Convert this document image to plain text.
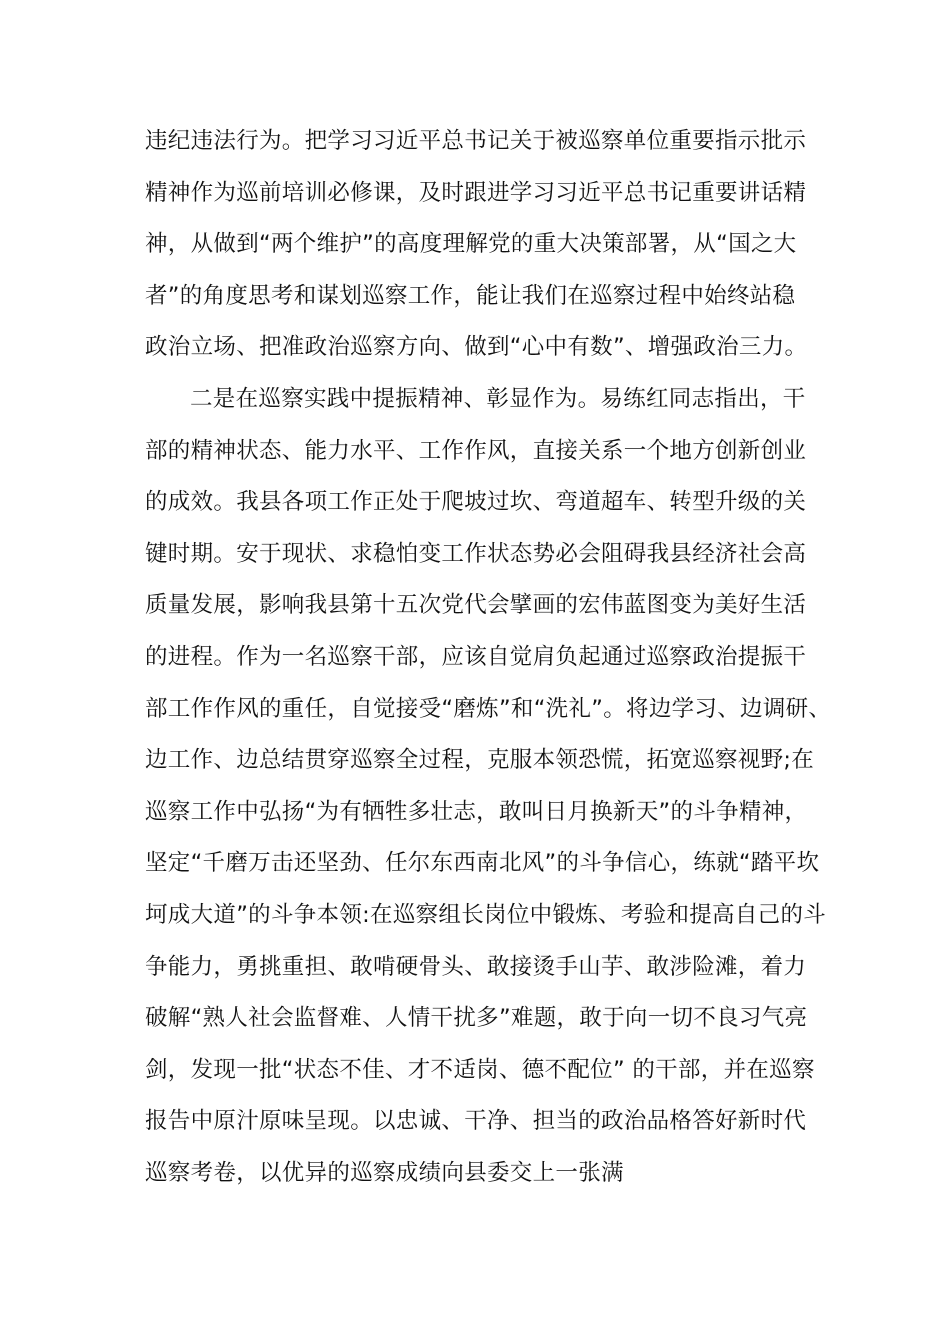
违纪违法行为。把学习习近平总书记关于被巡察单位重要指示批示
精神作为巡前培训必修课，及时跟进学习习近平总书记重要讲话精
神，从做到“两个维护”的高度理解党的重大决策部署，从“国之大
者”的角度思考和谋划巡察工作，能让我们在巡察过程中始终站稳
政治立场、把准政治巡察方向、做到“心中有数”、增强政治三力。
二是在巡察实践中提振精神、彰显作为。易练红同志指出，干
部的精神状态、能力水平、工作作风，直接关系一个地方创新创业
的成效。我县各项工作正处于爬坡过坎、弯道超车、转型升级的关
键时期。安于现状、求稳怕变工作状态势必会阻碍我县经济社会高
质量发展，影响我县第十五次党代会擘画的宏伟蓝图变为美好生活
的进程。作为一名巡察干部，应该自觉肩负起通过巡察政治提振干
部工作作风的重任，自觉接受“磨炼”和“洗礼”。将边学习、边调研、
边工作、边总结贯穿巡察全过程，克服本领恐慌，拓宽巡察视野;在
巡察工作中弘扬“为有牺牲多壮志，敢叫日月换新天”的斗争精神，
坚定“千磨万击还坚劲、任尔东西南北风”的斗争信心，练就“踏平坎
坷成大道”的斗争本领:在巡察组长岗位中锻炼、考验和提高自己的斗
争能力，勇挑重担、敢啃硬骨头、敢接烫手山芋、敢涉险滩，着力
破解“熟人社会监督难、人情干扰多”难题，敢于向一切不良习气亮
剑，发现一批“状态不佳、才不适岗、德不配位” 的干部，并在巡察
报告中原汁原味呈现。以忠诚、干净、担当的政治品格答好新时代
巡察考卷，以优异的巡察成绩向县委交上一张满
